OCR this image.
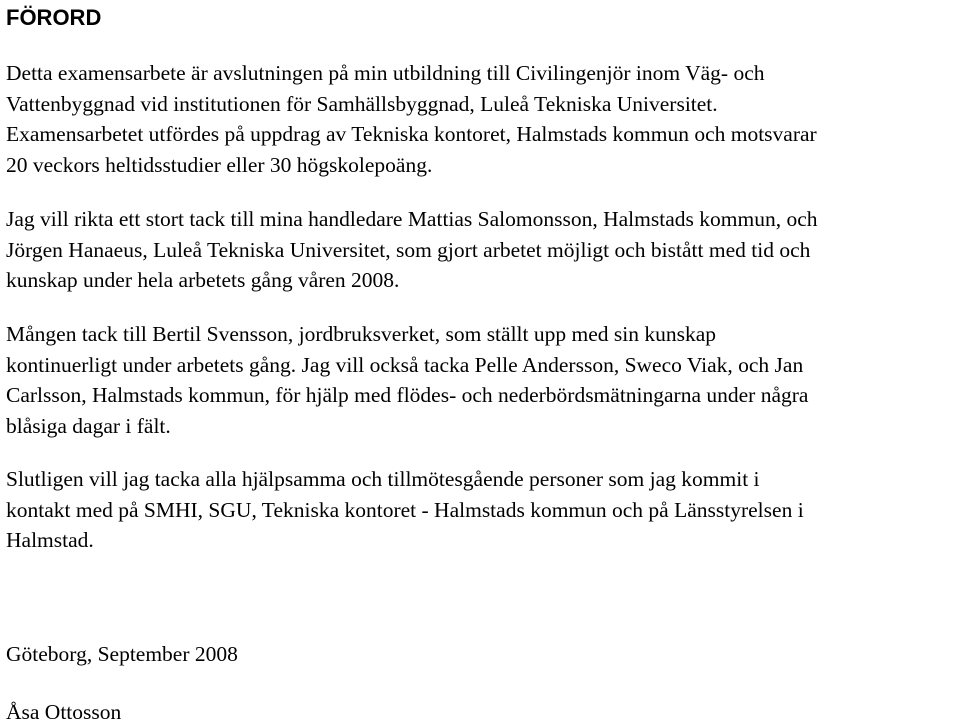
FÖRORD
Detta examensarbete är avslutningen på min utbildning till Civilingenjör inom Väg- och
Vattenbyggnad vid institutionen för Samhällsbyggnad, Luleå Tekniska Universitet.
Examensarbetet utfördes på uppdrag av Tekniska kontoret, Halmstads kommun och motsvarar
20 veckors heltidsstudier eller 30 högskolepoäng.
Jag vill rikta ett stort tack till mina handledare Mattias Salomonsson, Halmstads kommun, och
Jörgen Hanaeus, Luleå Tekniska Universitet, som gjort arbetet möjligt och bistått med tid och
kunskap under hela arbetets gång våren 2008.
Mången tack till Bertil Svensson, jordbruksverket, som ställt upp med sin kunskap
kontinuerligt under arbetets gång. Jag vill också tacka Pelle Andersson, Sweco Viak, och Jan
Carlsson, Halmstads kommun, för hjälp med flödes- och nederbördsmätningarna under några
blåsiga dagar i fält.
Slutligen vill jag tacka alla hjälpsamma och tillmötesgående personer som jag kommit i
kontakt med på SMHI, SGU, Tekniska kontoret - Halmstads kommun och på Länsstyrelsen i
Halmstad.
Göteborg, September 2008
Åsa Ottosson
